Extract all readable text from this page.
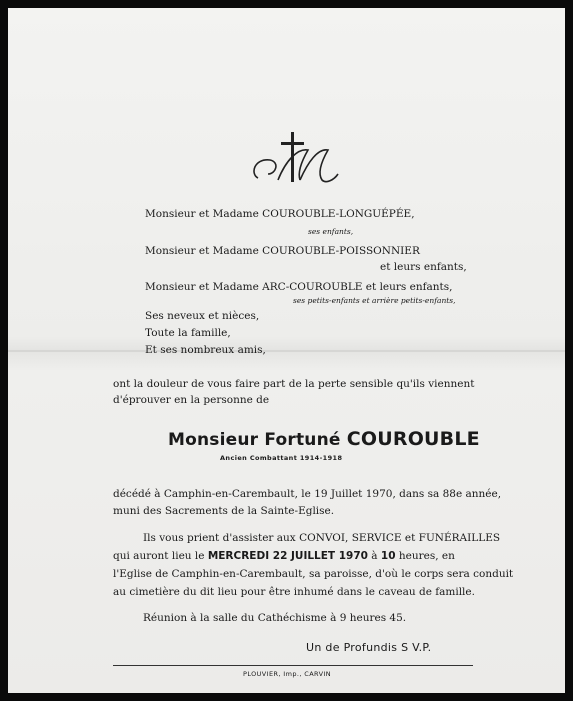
Monsieur et Madame COUROUBLE-LONGUÉPÉE,
ses enfants,
Monsieur et Madame COUROUBLE-POISSONNIER
et leurs enfants,
Monsieur et Madame ARC-COUROUBLE et leurs enfants,
ses petits-enfants et arrière petits-enfants,
Ses neveux et nièces,
Toute la famille,
Et ses nombreux amis,
ont la douleur de vous faire part de la perte sensible qu'ils viennent
d'éprouver en la personne de
Monsieur Fortuné COUROUBLE
Ancien Combattant 1914-1918
décédé à Camphin-en-Carembault, le 19 Juillet 1970, dans sa 88e année,
muni des Sacrements de la Sainte-Eglise.
Ils vous prient d'assister aux CONVOI, SERVICE et FUNÉRAILLES
qui auront lieu le MERCREDI 22 JUILLET 1970 à 10 heures, en
l'Eglise de Camphin-en-Carembault, sa paroisse, d'où le corps sera conduit
au cimetière du dit lieu pour être inhumé dans le caveau de famille.
Réunion à la salle du Cathéchisme à 9 heures 45.
Un de Profundis S V.P.
PLOUVIER, Imp., CARVIN
